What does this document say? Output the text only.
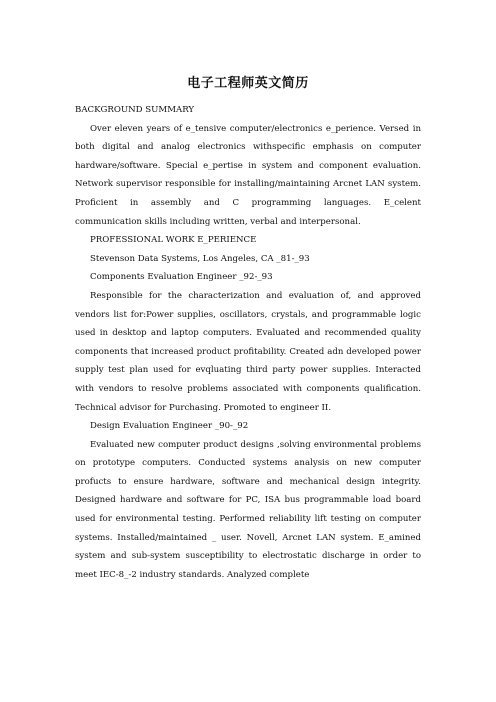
电子工程师英文简历

BACKGROUND SUMMARY

Over eleven years of e_tensive computer/electronics e_perience. Versed in both digital and analog electronics withspecific emphasis on computer hardware/software. Special e_pertise in system and component evaluation. Network supervisor responsible for installing/maintaining Arcnet LAN system. Proficient in assembly and C programming languages. E_celent communication skills including written, verbal and interpersonal.

PROFESSIONAL WORK E_PERIENCE

Stevenson Data Systems, Los Angeles, CA _81-_93

Components Evaluation Engineer _92-_93

Responsible for the characterization and evaluation of, and approved vendors list for:Power supplies, oscillators, crystals, and programmable logic used in desktop and laptop computers. Evaluated and recommended quality components that increased product profitability. Created adn developed power supply test plan used for evqluating third party power supplies. Interacted with vendors to resolve problems associated with components qualification. Technical advisor for Purchasing. Promoted to engineer II.

Design Evaluation Engineer _90-_92

Evaluated new computer product designs ,solving environmental problems on prototype computers. Conducted systems analysis on new computer profucts to ensure hardware, software and mechanical design integrity. Designed hardware and software for PC, ISA bus programmable load board used for environmental testing. Performed reliability lift testing on computer systems. Installed/maintained _ user. Novell, Arcnet LAN system. E_amined system and sub-system susceptibility to electrostatic discharge in order to meet IEC-8_-2 industry standards. Analyzed complete
